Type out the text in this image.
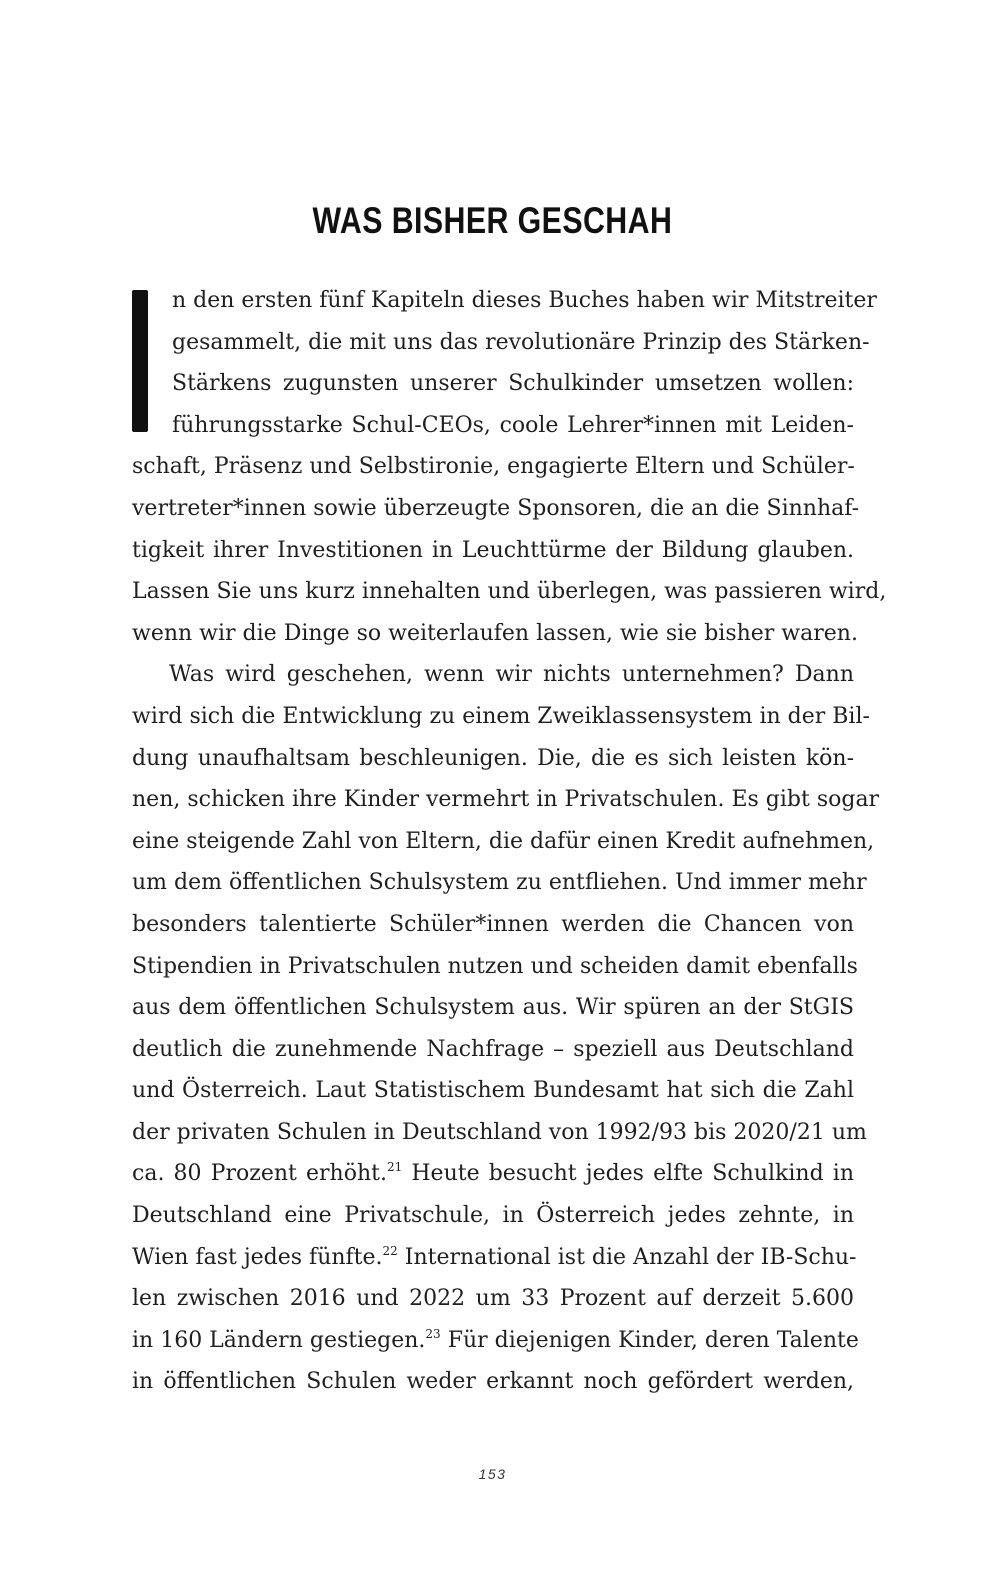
WAS BISHER GESCHAH
n den ersten fünf Kapiteln dieses Buches haben wir Mitstreiter
gesammelt, die mit uns das revolutionäre Prinzip des Stärken-
Stärkens zugunsten unserer Schulkinder umsetzen wollen:
führungsstarke Schul-CEOs, coole Lehrer*innen mit Leiden-
schaft, Präsenz und Selbstironie, engagierte Eltern und Schüler-
vertreter*innen sowie überzeugte Sponsoren, die an die Sinnhaf-
tigkeit ihrer Investitionen in Leuchttürme der Bildung glauben.
Lassen Sie uns kurz innehalten und überlegen, was passieren wird,
wenn wir die Dinge so weiterlaufen lassen, wie sie bisher waren.
Was wird geschehen, wenn wir nichts unternehmen? Dann
wird sich die Entwicklung zu einem Zweiklassensystem in der Bil-
dung unaufhaltsam beschleunigen. Die, die es sich leisten kön-
nen, schicken ihre Kinder vermehrt in Privatschulen. Es gibt sogar
eine steigende Zahl von Eltern, die dafür einen Kredit aufnehmen,
um dem öffentlichen Schulsystem zu entfliehen. Und immer mehr
besonders talentierte Schüler*innen werden die Chancen von
Stipendien in Privatschulen nutzen und scheiden damit ebenfalls
aus dem öffentlichen Schulsystem aus. Wir spüren an der StGIS
deutlich die zunehmende Nachfrage – speziell aus Deutschland
und Österreich. Laut Statistischem Bundesamt hat sich die Zahl
der privaten Schulen in Deutschland von 1992/93 bis 2020/21 um
ca. 80 Prozent erhöht.$^{21}$ Heute besucht jedes elfte Schulkind in
Deutschland eine Privatschule, in Österreich jedes zehnte, in
Wien fast jedes fünfte.$^{22}$ International ist die Anzahl der IB-Schu-
len zwischen 2016 und 2022 um 33 Prozent auf derzeit 5.600
in 160 Ländern gestiegen.$^{23}$ Für diejenigen Kinder, deren Talente
in öffentlichen Schulen weder erkannt noch gefördert werden,
153
